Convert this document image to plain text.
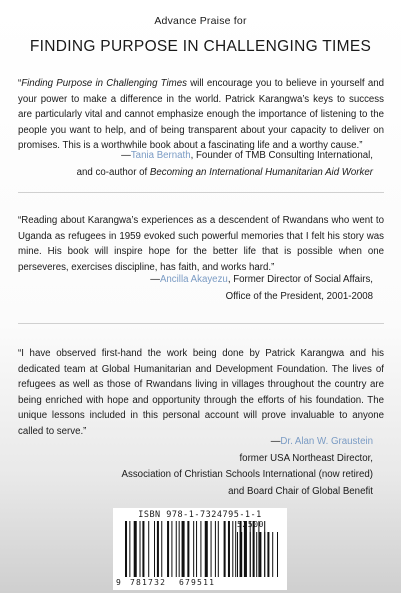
Advance Praise for
FINDING PURPOSE IN CHALLENGING TIMES

“Finding Purpose in Challenging Times will encourage you to believe in yourself and your power to make a difference in the world. Patrick Karangwa’s keys to success are particularly vital and cannot emphasize enough the importance of listening to the people you want to help, and of being transparent about your capacity to deliver on promises. This is a worthwhile book about a fascinating life and a worthy cause.”

—Tania Bernath, Founder of TMB Consulting International,
and co-author of Becoming an International Humanitarian Aid Worker

“Reading about Karangwa’s experiences as a descendent of Rwandans who went to Uganda as refugees in 1959 evoked such powerful memories that I felt his story was mine. His book will inspire hope for the better life that is possible when one perseveres, exercises discipline, has faith, and works hard.”

—Ancilla Akayezu, Former Director of Social Affairs,
Office of the President, 2001-2008

“I have observed first-hand the work being done by Patrick Karangwa and his dedicated team at Global Humanitarian and Development Foundation. The lives of refugees as well as those of Rwandans living in villages throughout the country are being enriched with hope and opportunity through the efforts of his foundation. The unique lessons included in this personal account will prove invaluable to anyone called to serve.”

—Dr. Alan W. Graustein
former USA Northeast Director,
Association of Christian Schools International (now retired)
and Board Chair of Global Benefit
ISBN 978-1-7324795-1-1
52500
9 781732 679511
